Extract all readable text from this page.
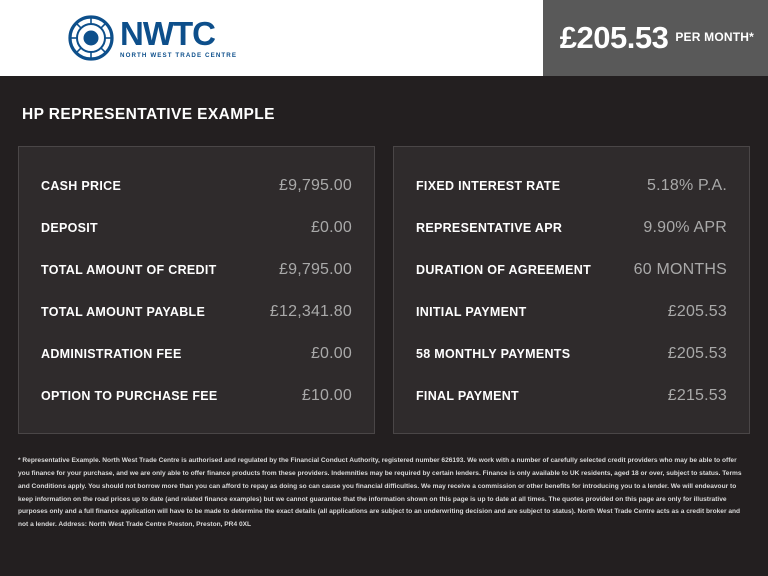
NWTC
NORTH WEST TRADE CENTRE
£205.53 PER MONTH*
HP REPRESENTATIVE EXAMPLE
CASH PRICE	£9,795.00
DEPOSIT	£0.00
TOTAL AMOUNT OF CREDIT	£9,795.00
TOTAL AMOUNT PAYABLE	£12,341.80
ADMINISTRATION FEE	£0.00
OPTION TO PURCHASE FEE	£10.00
FIXED INTEREST RATE	5.18% P.A.
REPRESENTATIVE APR	9.90% APR
DURATION OF AGREEMENT	60 MONTHS
INITIAL PAYMENT	£205.53
58 MONTHLY PAYMENTS	£205.53
FINAL PAYMENT	£215.53
* Representative Example. North West Trade Centre is authorised and regulated by the Financial Conduct Authority, registered number 626193. We work with a number of carefully selected credit providers who may be able to offer you finance for your purchase, and we are only able to offer finance products from these providers. Indemnities may be required by certain lenders. Finance is only available to UK residents, aged 18 or over, subject to status. Terms and Conditions apply. You should not borrow more than you can afford to repay as doing so can cause you financial difficulties. We may receive a commission or other benefits for introducing you to a lender. We will endeavour to keep information on the road prices up to date (and related finance examples) but we cannot guarantee that the information shown on this page is up to date at all times. The quotes provided on this page are only for illustrative purposes only and a full finance application will have to be made to determine the exact details (all applications are subject to an underwriting decision and are subject to status). North West Trade Centre acts as a credit broker and not a lender. Address: North West Trade Centre Preston, Preston, PR4 0XL
